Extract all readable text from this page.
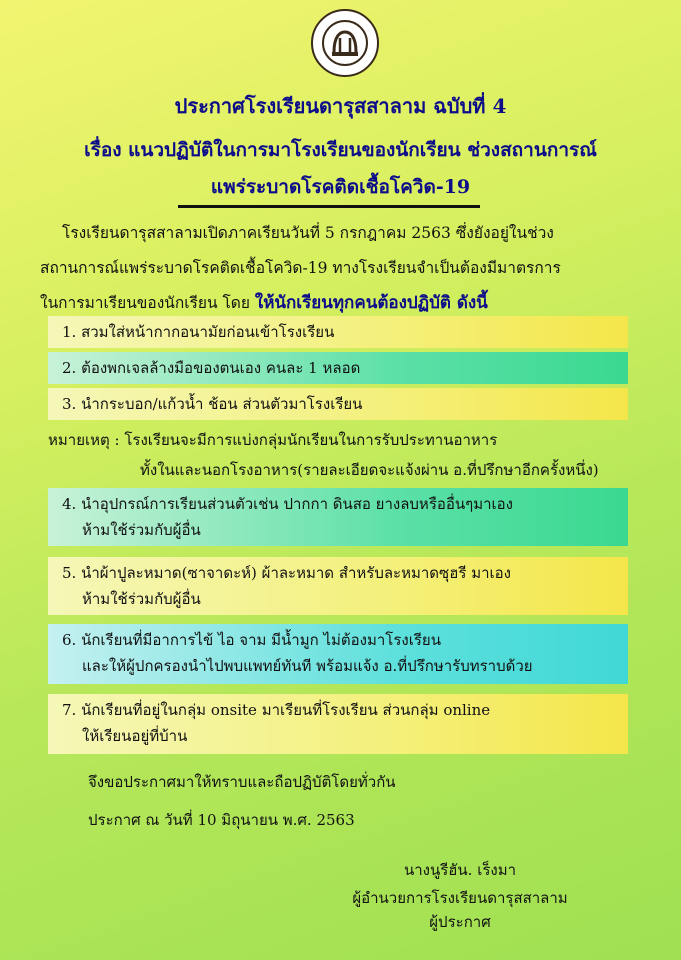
ประกาศโรงเรียนดารุสสาลาม ฉบับที่ 4
เรื่อง แนวปฏิบัติในการมาโรงเรียนของนักเรียน ช่วงสถานการณ์
แพร่ระบาดโรคติดเชื้อโควิด-19
โรงเรียนดารุสสาลามเปิดภาคเรียนวันที่ 5 กรกฎาคม 2563 ซึ่งยังอยู่ในช่วง
สถานการณ์แพร่ระบาดโรคติดเชื้อโควิด-19 ทางโรงเรียนจำเป็นต้องมีมาตรการ
ในการมาเรียนของนักเรียน โดย ให้นักเรียนทุกคนต้องปฏิบัติ ดังนี้
1. สวมใส่หน้ากากอนามัยก่อนเข้าโรงเรียน
2. ต้องพกเจลล้างมือของตนเอง คนละ 1 หลอด
3. นำกระบอก/แก้วน้ำ ช้อน ส่วนตัวมาโรงเรียน
หมายเหตุ : โรงเรียนจะมีการแบ่งกลุ่มนักเรียนในการรับประทานอาหาร
ทั้งในและนอกโรงอาหาร(รายละเอียดจะแจ้งผ่าน อ.ที่ปรึกษาอีกครั้งหนึ่ง)
4. นำอุปกรณ์การเรียนส่วนตัวเช่น ปากกา ดินสอ ยางลบหรืออื่นๆมาเอง
ห้ามใช้ร่วมกับผู้อื่น
5. นำผ้าปูละหมาด(ซาจาดะห์) ผ้าละหมาด สำหรับละหมาดซุฮรี มาเอง
ห้ามใช้ร่วมกับผู้อื่น
6. นักเรียนที่มีอาการไข้ ไอ จาม มีน้ำมูก ไม่ต้องมาโรงเรียน
และให้ผู้ปกครองนำไปพบแพทย์ทันที พร้อมแจ้ง อ.ที่ปรึกษารับทราบด้วย
7. นักเรียนที่อยู่ในกลุ่ม onsite มาเรียนที่โรงเรียน ส่วนกลุ่ม online
ให้เรียนอยู่ที่บ้าน
จึงขอประกาศมาให้ทราบและถือปฏิบัติโดยทั่วกัน
ประกาศ ณ วันที่ 10 มิถุนายน พ.ศ. 2563
นางนูรีฮัน. เร็งมา
ผู้อำนวยการโรงเรียนดารุสสาลาม
ผู้ประกาศ
